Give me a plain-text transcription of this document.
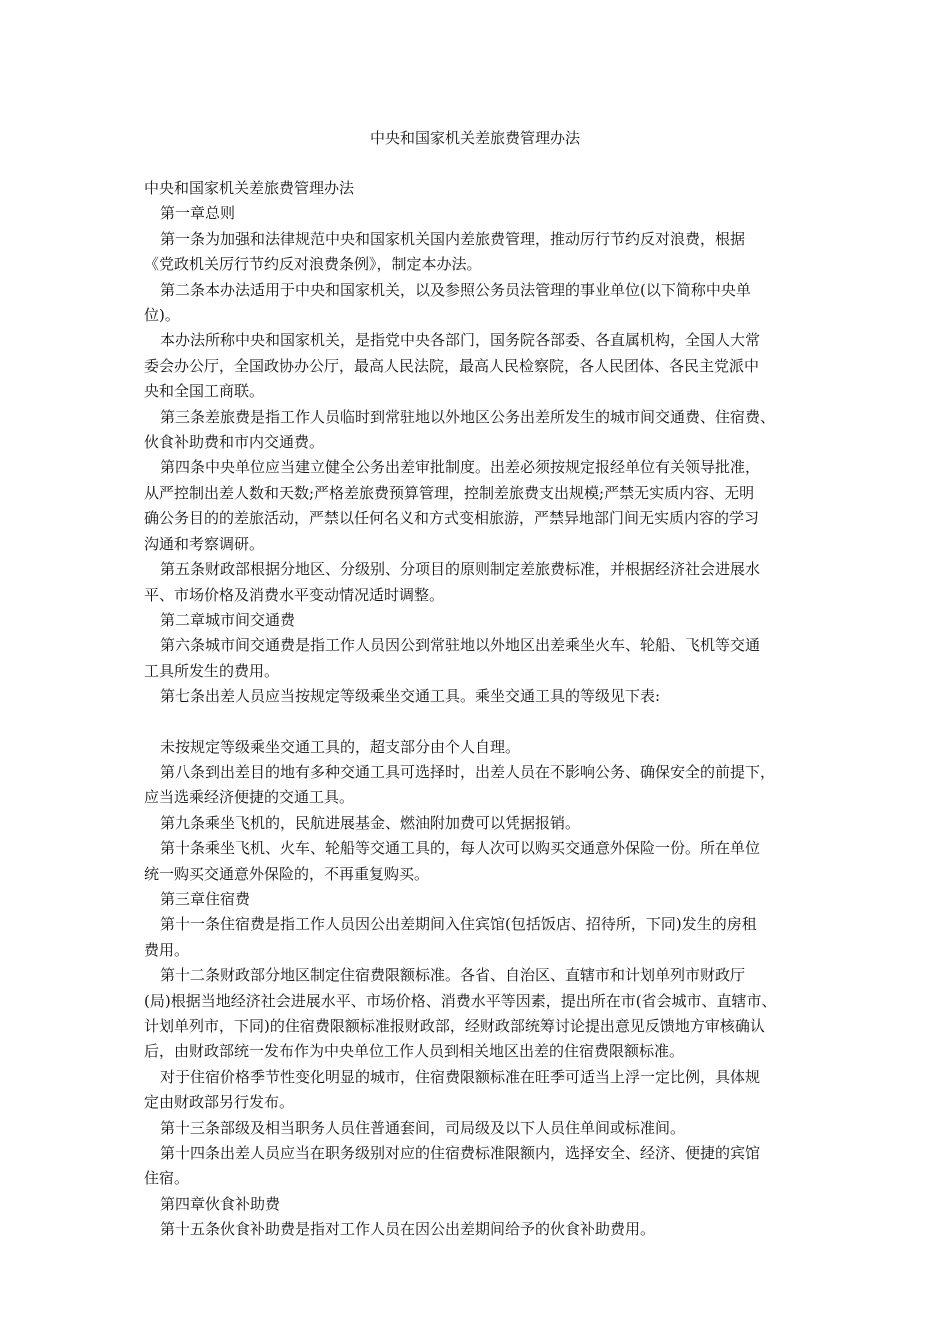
中央和国家机关差旅费管理办法

中央和国家机关差旅费管理办法

第一章总则

第一条为加强和法律规范中央和国家机关国内差旅费管理，推动厉行节约反对浪费，根据

《党政机关厉行节约反对浪费条例》，制定本办法。

第二条本办法适用于中央和国家机关，以及参照公务员法管理的事业单位(以下简称中央单

位)。

本办法所称中央和国家机关，是指党中央各部门，国务院各部委、各直属机构，全国人大常

委会办公厅，全国政协办公厅，最高人民法院，最高人民检察院，各人民团体、各民主党派中

央和全国工商联。

第三条差旅费是指工作人员临时到常驻地以外地区公务出差所发生的城市间交通费、住宿费、

伙食补助费和市内交通费。

第四条中央单位应当建立健全公务出差审批制度。出差必须按规定报经单位有关领导批准，

从严控制出差人数和天数;严格差旅费预算管理，控制差旅费支出规模;严禁无实质内容、无明

确公务目的的差旅活动，严禁以任何名义和方式变相旅游，严禁异地部门间无实质内容的学习

沟通和考察调研。

第五条财政部根据分地区、分级别、分项目的原则制定差旅费标准，并根据经济社会进展水

平、市场价格及消费水平变动情况适时调整。

第二章城市间交通费

第六条城市间交通费是指工作人员因公到常驻地以外地区出差乘坐火车、轮船、飞机等交通

工具所发生的费用。

第七条出差人员应当按规定等级乘坐交通工具。乘坐交通工具的等级见下表:

未按规定等级乘坐交通工具的，超支部分由个人自理。

第八条到出差目的地有多种交通工具可选择时，出差人员在不影响公务、确保安全的前提下，

应当选乘经济便捷的交通工具。

第九条乘坐飞机的，民航进展基金、燃油附加费可以凭据报销。

第十条乘坐飞机、火车、轮船等交通工具的，每人次可以购买交通意外保险一份。所在单位

统一购买交通意外保险的，不再重复购买。

第三章住宿费

第十一条住宿费是指工作人员因公出差期间入住宾馆(包括饭店、招待所，下同)发生的房租

费用。

第十二条财政部分地区制定住宿费限额标准。各省、自治区、直辖市和计划单列市财政厅

(局)根据当地经济社会进展水平、市场价格、消费水平等因素，提出所在市(省会城市、直辖市、

计划单列市，下同)的住宿费限额标准报财政部，经财政部统筹讨论提出意见反馈地方审核确认

后，由财政部统一发布作为中央单位工作人员到相关地区出差的住宿费限额标准。

对于住宿价格季节性变化明显的城市，住宿费限额标准在旺季可适当上浮一定比例，具体规

定由财政部另行发布。

第十三条部级及相当职务人员住普通套间，司局级及以下人员住单间或标准间。

第十四条出差人员应当在职务级别对应的住宿费标准限额内，选择安全、经济、便捷的宾馆

住宿。

第四章伙食补助费

第十五条伙食补助费是指对工作人员在因公出差期间给予的伙食补助费用。
